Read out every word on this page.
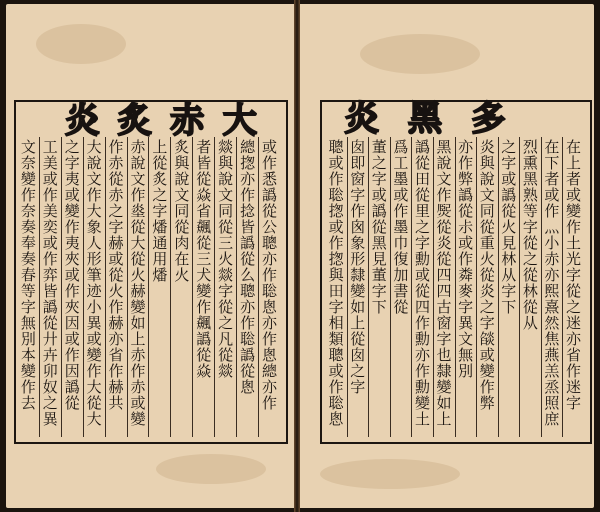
炎 炙 赤 大
或作悉譌從公聰亦作聡悤亦作悤總亦作
總揔亦作捻皆譌從么聰亦作聡譌從悤
燚與說文同從三火燚字從之凡從燚
者皆從焱省飆從三犬變作飆譌從焱
炙與說文同從肉在火
上從炙之字燔通用燔
赤說文作烾從大從火赫變如上赤作赤或變
作赤從赤之字赫或從火作赫亦省作赫共
大說文作大象人形筆迹小異或變作大從大
之字夷或變作夷夾或作夾因或作因譌從
工美或作美奕或作弈皆譌從廾卉卯奴之異
文奈變作奈奏奉奏春等字無別本變作去
炎 黑 多
在上者或變作土光字從之迷亦省作迷字
在下者或作灬小赤亦熙熹然焦燕羔烝照庶
烈熏黑熟等字從之從林從从
之字或譌從火見林从字下
炎與說文同從重火從炎之字燄或變作弊
亦作弊譌從尗或作粦麥字異文無別
黑說文作㷩從炎從四四古窗字也隸變如上
譌從田從里之字勳或從四作勳亦作勳變土
爲工墨或作墨巾復加書從
董之字或譌從黑見董字下
囱即窗字作囪象形隸變如上從囱之字
聰或作聡揔或作揔與田字相類聰或作聡悤
